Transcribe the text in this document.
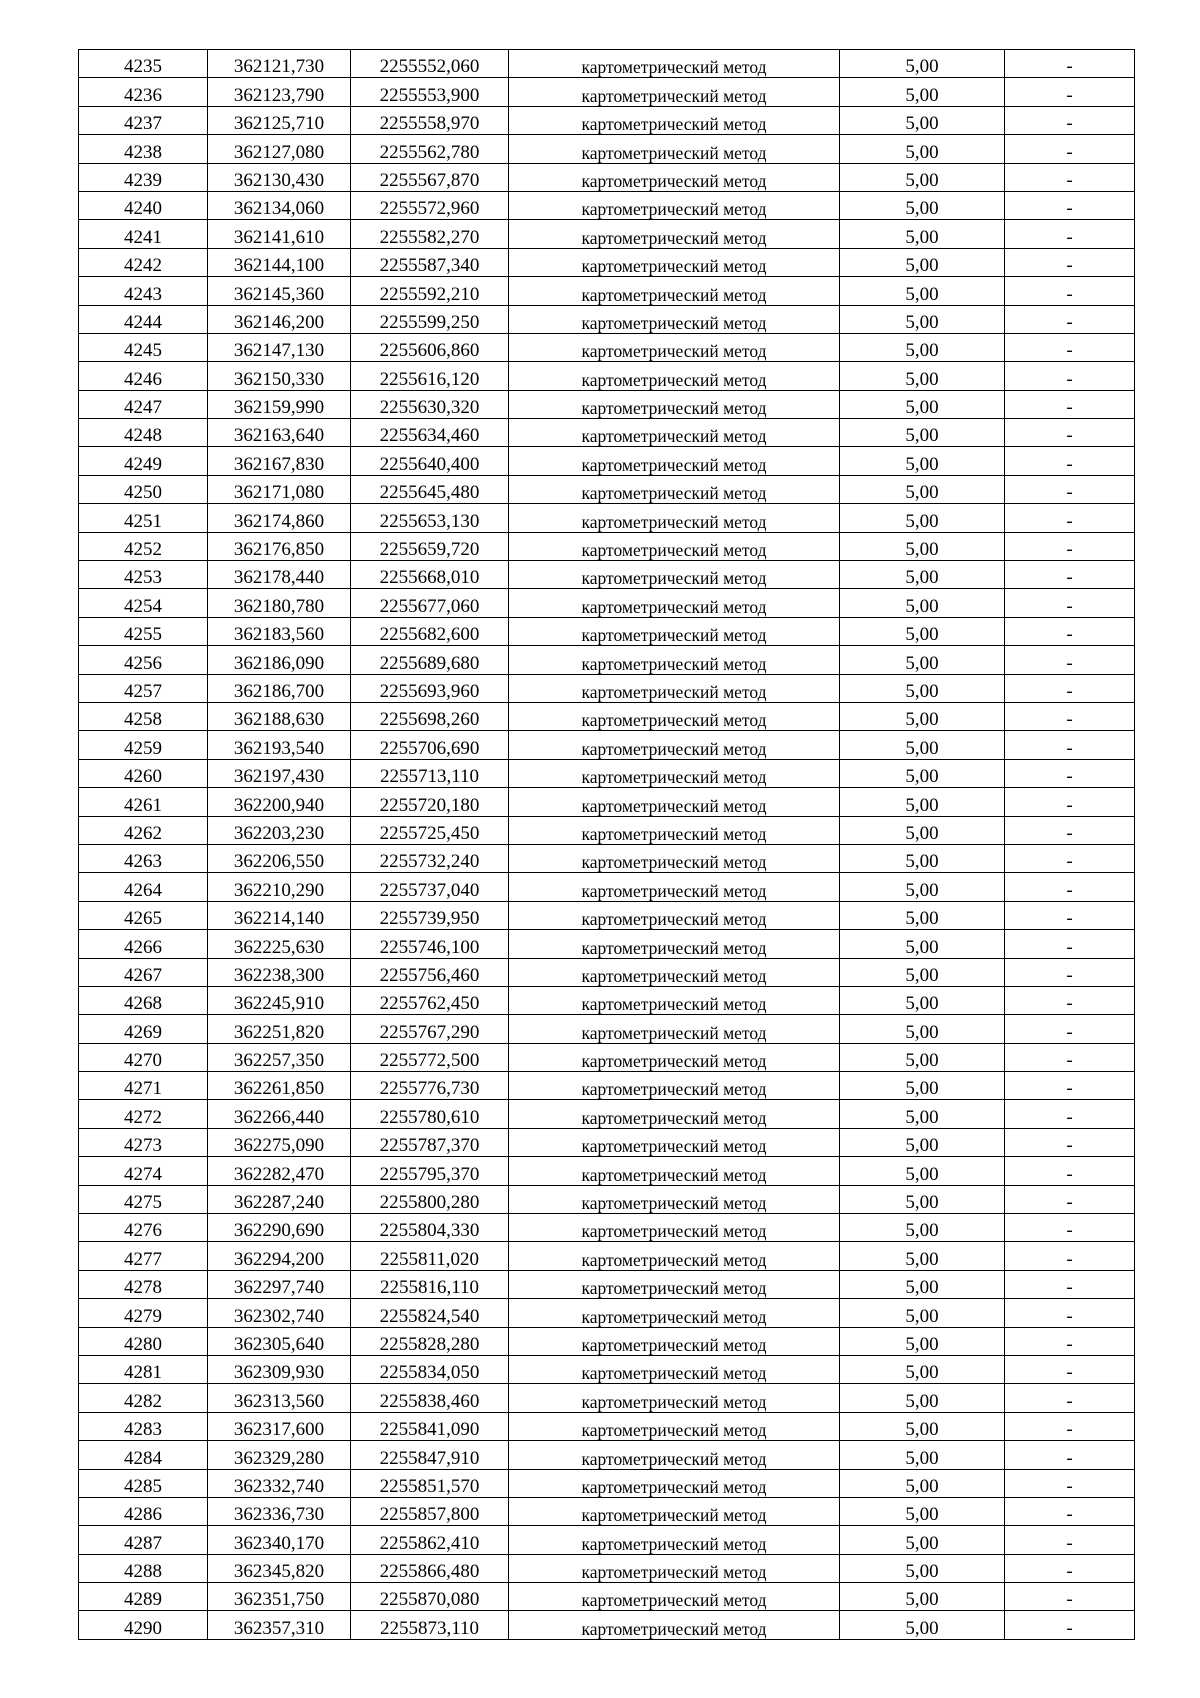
4235	362121,730	2255552,060	картометрический метод	5,00	-
4236	362123,790	2255553,900	картометрический метод	5,00	-
4237	362125,710	2255558,970	картометрический метод	5,00	-
4238	362127,080	2255562,780	картометрический метод	5,00	-
4239	362130,430	2255567,870	картометрический метод	5,00	-
4240	362134,060	2255572,960	картометрический метод	5,00	-
4241	362141,610	2255582,270	картометрический метод	5,00	-
4242	362144,100	2255587,340	картометрический метод	5,00	-
4243	362145,360	2255592,210	картометрический метод	5,00	-
4244	362146,200	2255599,250	картометрический метод	5,00	-
4245	362147,130	2255606,860	картометрический метод	5,00	-
4246	362150,330	2255616,120	картометрический метод	5,00	-
4247	362159,990	2255630,320	картометрический метод	5,00	-
4248	362163,640	2255634,460	картометрический метод	5,00	-
4249	362167,830	2255640,400	картометрический метод	5,00	-
4250	362171,080	2255645,480	картометрический метод	5,00	-
4251	362174,860	2255653,130	картометрический метод	5,00	-
4252	362176,850	2255659,720	картометрический метод	5,00	-
4253	362178,440	2255668,010	картометрический метод	5,00	-
4254	362180,780	2255677,060	картометрический метод	5,00	-
4255	362183,560	2255682,600	картометрический метод	5,00	-
4256	362186,090	2255689,680	картометрический метод	5,00	-
4257	362186,700	2255693,960	картометрический метод	5,00	-
4258	362188,630	2255698,260	картометрический метод	5,00	-
4259	362193,540	2255706,690	картометрический метод	5,00	-
4260	362197,430	2255713,110	картометрический метод	5,00	-
4261	362200,940	2255720,180	картометрический метод	5,00	-
4262	362203,230	2255725,450	картометрический метод	5,00	-
4263	362206,550	2255732,240	картометрический метод	5,00	-
4264	362210,290	2255737,040	картометрический метод	5,00	-
4265	362214,140	2255739,950	картометрический метод	5,00	-
4266	362225,630	2255746,100	картометрический метод	5,00	-
4267	362238,300	2255756,460	картометрический метод	5,00	-
4268	362245,910	2255762,450	картометрический метод	5,00	-
4269	362251,820	2255767,290	картометрический метод	5,00	-
4270	362257,350	2255772,500	картометрический метод	5,00	-
4271	362261,850	2255776,730	картометрический метод	5,00	-
4272	362266,440	2255780,610	картометрический метод	5,00	-
4273	362275,090	2255787,370	картометрический метод	5,00	-
4274	362282,470	2255795,370	картометрический метод	5,00	-
4275	362287,240	2255800,280	картометрический метод	5,00	-
4276	362290,690	2255804,330	картометрический метод	5,00	-
4277	362294,200	2255811,020	картометрический метод	5,00	-
4278	362297,740	2255816,110	картометрический метод	5,00	-
4279	362302,740	2255824,540	картометрический метод	5,00	-
4280	362305,640	2255828,280	картометрический метод	5,00	-
4281	362309,930	2255834,050	картометрический метод	5,00	-
4282	362313,560	2255838,460	картометрический метод	5,00	-
4283	362317,600	2255841,090	картометрический метод	5,00	-
4284	362329,280	2255847,910	картометрический метод	5,00	-
4285	362332,740	2255851,570	картометрический метод	5,00	-
4286	362336,730	2255857,800	картометрический метод	5,00	-
4287	362340,170	2255862,410	картометрический метод	5,00	-
4288	362345,820	2255866,480	картометрический метод	5,00	-
4289	362351,750	2255870,080	картометрический метод	5,00	-
4290	362357,310	2255873,110	картометрический метод	5,00	-
